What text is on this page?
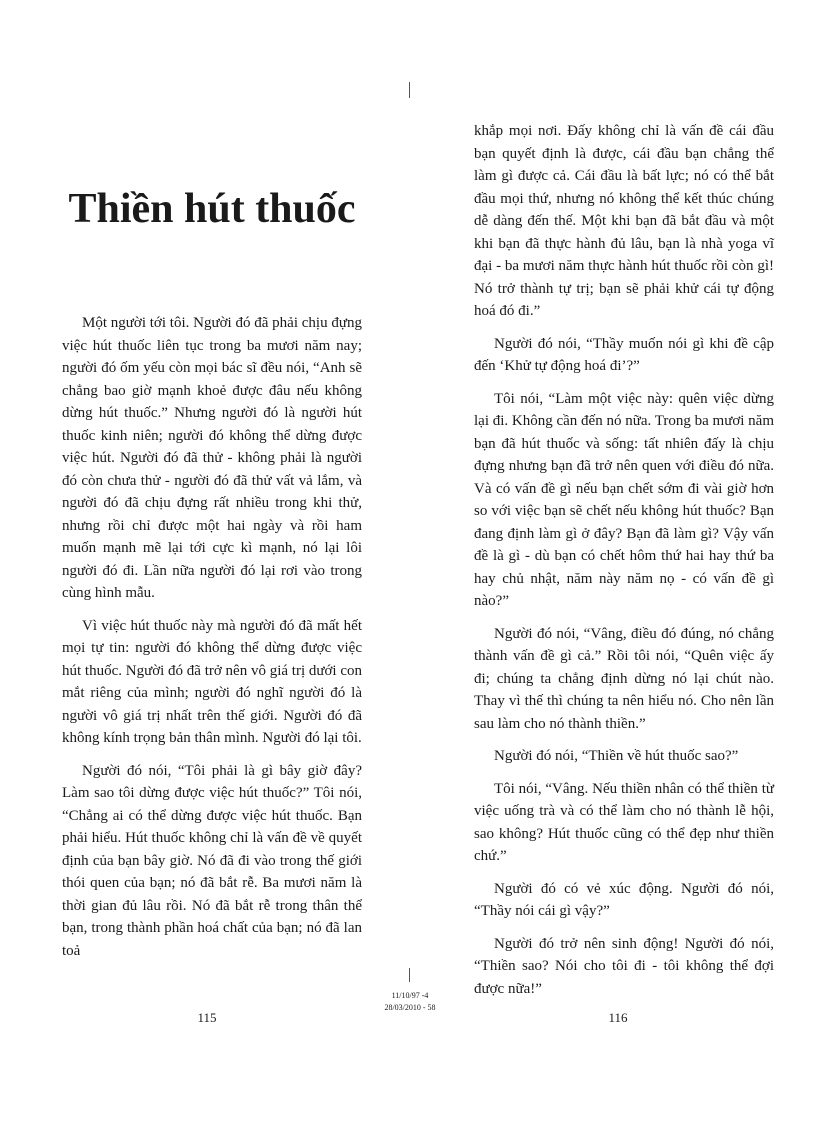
Thiền hút thuốc

Một người tới tôi. Người đó đã phải chịu đựng việc hút thuốc liên tục trong ba mươi năm nay; người đó ốm yếu còn mọi bác sĩ đều nói, “Anh sẽ chẳng bao giờ mạnh khoẻ được đâu nếu không dừng hút thuốc.” Nhưng người đó là người hút thuốc kinh niên; người đó không thể dừng được việc hút. Người đó đã thử - không phải là người đó còn chưa thử - người đó đã thử vất vả lắm, và người đó đã chịu đựng rất nhiều trong khi thử, nhưng rồi chỉ được một hai ngày và rồi ham muốn mạnh mẽ lại tới cực kì mạnh, nó lại lôi người đó đi. Lần nữa người đó lại rơi vào trong cùng hình mẫu.

Vì việc hút thuốc này mà người đó đã mất hết mọi tự tin: người đó không thể dừng được việc hút thuốc. Người đó đã trở nên vô giá trị dưới con mắt riêng của mình; người đó nghĩ người đó là người vô giá trị nhất trên thế giới. Người đó đã không kính trọng bản thân mình. Người đó lại tôi.

Người đó nói, “Tôi phải là gì bây giờ đây? Làm sao tôi dừng được việc hút thuốc?” Tôi nói, “Chẳng ai có thể dừng được việc hút thuốc. Bạn phải hiểu. Hút thuốc không chỉ là vấn đề về quyết định của bạn bây giờ. Nó đã đi vào trong thế giới thói quen của bạn; nó đã bắt rễ. Ba mươi năm là thời gian đủ lâu rồi. Nó đã bắt rễ trong thân thể bạn, trong thành phần hoá chất của bạn; nó đã lan toả

khắp mọi nơi. Đấy không chỉ là vấn đề cái đầu bạn quyết định là được, cái đầu bạn chẳng thể làm gì được cả. Cái đầu là bất lực; nó có thể bắt đầu mọi thứ, nhưng nó không thể kết thúc chúng dễ dàng đến thế. Một khi bạn đã bắt đầu và một khi bạn đã thực hành đủ lâu, bạn là nhà yoga vĩ đại - ba mươi năm thực hành hút thuốc rồi còn gì! Nó trở thành tự trị; bạn sẽ phải khử cái tự động hoá đó đi.”

Người đó nói, “Thầy muốn nói gì khi đề cập đến ‘Khử tự động hoá đi’?”

Tôi nói, “Làm một việc này: quên việc dừng lại đi. Không cần đến nó nữa. Trong ba mươi năm bạn đã hút thuốc và sống: tất nhiên đấy là chịu đựng nhưng bạn đã trở nên quen với điều đó nữa. Và có vấn đề gì nếu bạn chết sớm đi vài giờ hơn so với việc bạn sẽ chết nếu không hút thuốc? Bạn đang định làm gì ở đây? Bạn đã làm gì? Vậy vấn đề là gì - dù bạn có chết hôm thứ hai hay thứ ba hay chủ nhật, năm này năm nọ - có vấn đề gì nào?”

Người đó nói, “Vâng, điều đó đúng, nó chẳng thành vấn đề gì cả.” Rồi tôi nói, “Quên việc ấy đi; chúng ta chẳng định dừng nó lại chút nào. Thay vì thế thì chúng ta nên hiểu nó. Cho nên lần sau làm cho nó thành thiền.”

Người đó nói, “Thiền về hút thuốc sao?”

Tôi nói, “Vâng. Nếu thiền nhân có thể thiền từ việc uống trà và có thể làm cho nó thành lễ hội, sao không? Hút thuốc cũng có thể đẹp như thiền chứ.”

Người đó có vẻ xúc động. Người đó nói, “Thầy nói cái gì vậy?”

Người đó trở nên sinh động! Người đó nói, “Thiền sao? Nói cho tôi đi - tôi không thể đợi được nữa!”

11/10/97 -4
28/03/2010 - 58
115	116
